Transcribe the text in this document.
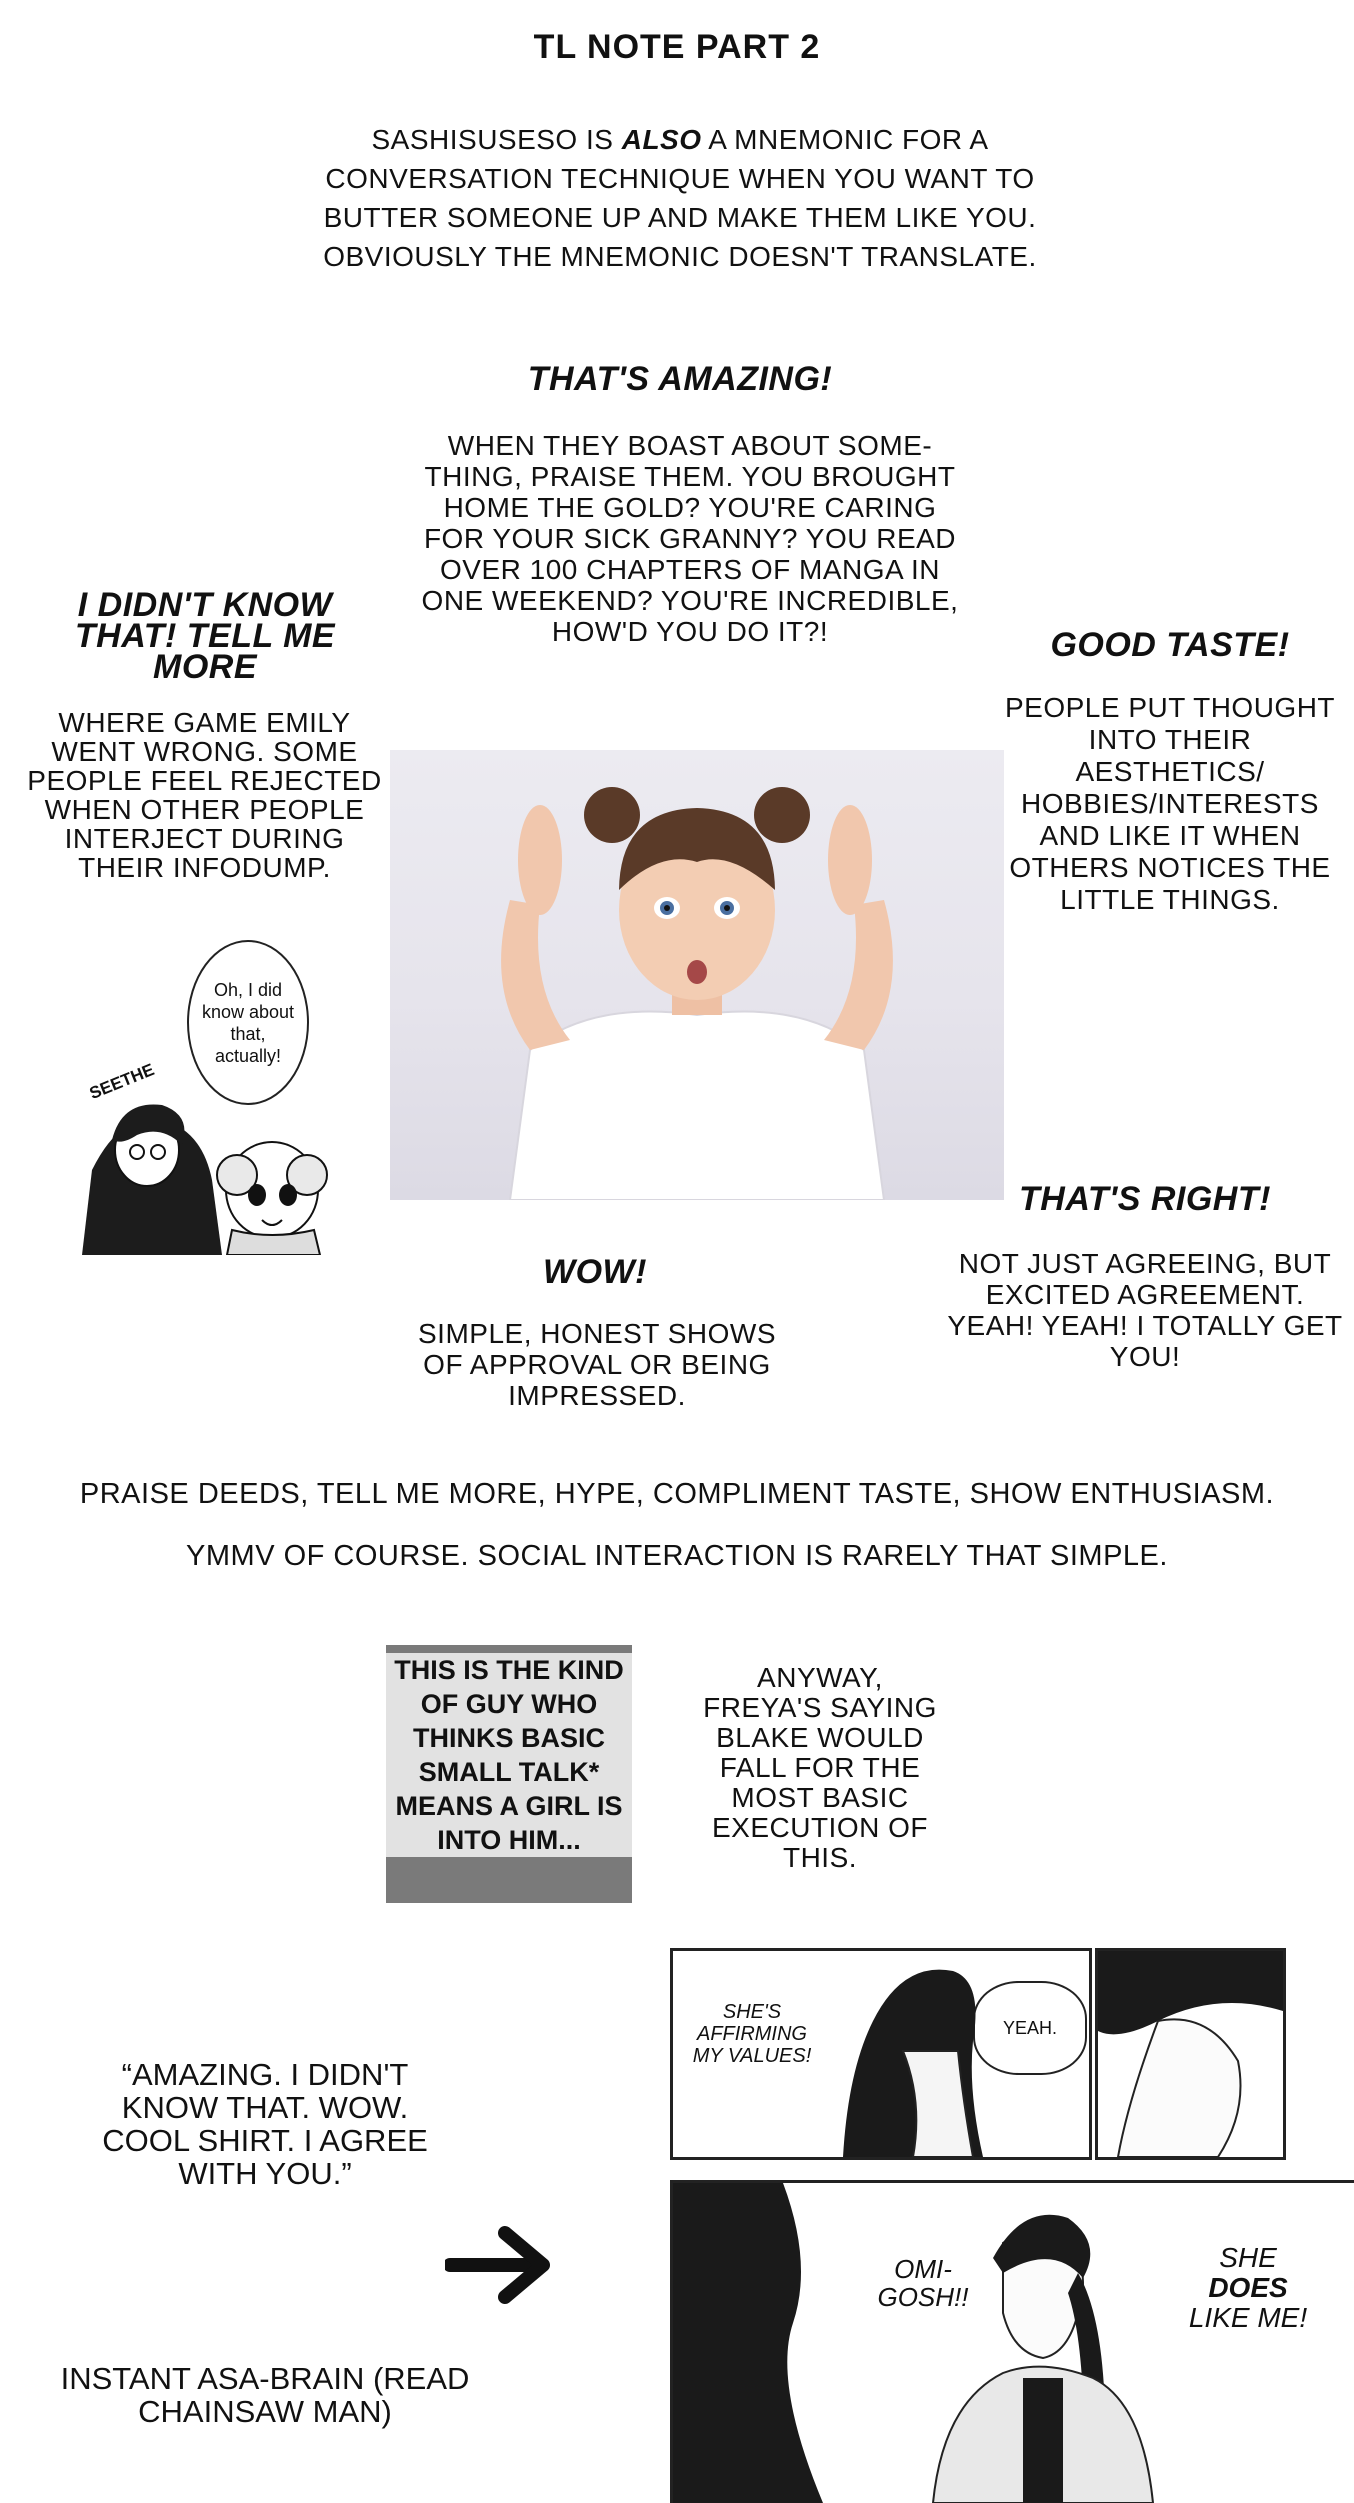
TL NOTE PART 2
SASHISUSESO IS ALSO A MNEMONIC FOR A CONVERSATION TECHNIQUE WHEN YOU WANT TO BUTTER SOMEONE UP AND MAKE THEM LIKE YOU. OBVIOUSLY THE MNEMONIC DOESN'T TRANSLATE.
THAT'S AMAZING!
WHEN THEY BOAST ABOUT SOME-THING, PRAISE THEM. YOU BROUGHT HOME THE GOLD? YOU'RE CARING FOR YOUR SICK GRANNY? YOU READ OVER 100 CHAPTERS OF MANGA IN ONE WEEKEND? YOU'RE INCREDIBLE, HOW'D YOU DO IT?!
I DIDN'T KNOW THAT! TELL ME MORE
WHERE GAME EMILY WENT WRONG. SOME PEOPLE FEEL REJECTED WHEN OTHER PEOPLE INTERJECT DURING THEIR INFODUMP.
GOOD TASTE!
PEOPLE PUT THOUGHT INTO THEIR AESTHETICS/ HOBBIES/INTERESTS AND LIKE IT WHEN OTHERS NOTICES THE LITTLE THINGS.
Oh, I did know about that, actually!
SEETHE
THAT'S RIGHT!
NOT JUST AGREEING, BUT EXCITED AGREEMENT. YEAH! YEAH! I TOTALLY GET YOU!
WOW!
SIMPLE, HONEST SHOWS OF APPROVAL OR BEING IMPRESSED.
PRAISE DEEDS, TELL ME MORE, HYPE, COMPLIMENT TASTE, SHOW ENTHUSIASM.
YMMV OF COURSE. SOCIAL INTERACTION IS RARELY THAT SIMPLE.
THIS IS THE KIND OF GUY WHO THINKS BASIC SMALL TALK* MEANS A GIRL IS INTO HIM...
ANYWAY, FREYA'S SAYING BLAKE WOULD FALL FOR THE MOST BASIC EXECUTION OF THIS.
“AMAZING. I DIDN'T KNOW THAT. WOW. COOL SHIRT. I AGREE WITH YOU.”
INSTANT ASA-BRAIN (READ CHAINSAW MAN)
SHE'S AFFIRMING MY VALUES!
YEAH.
OMI-GOSH!!
SHE
DOES
LIKE ME!
